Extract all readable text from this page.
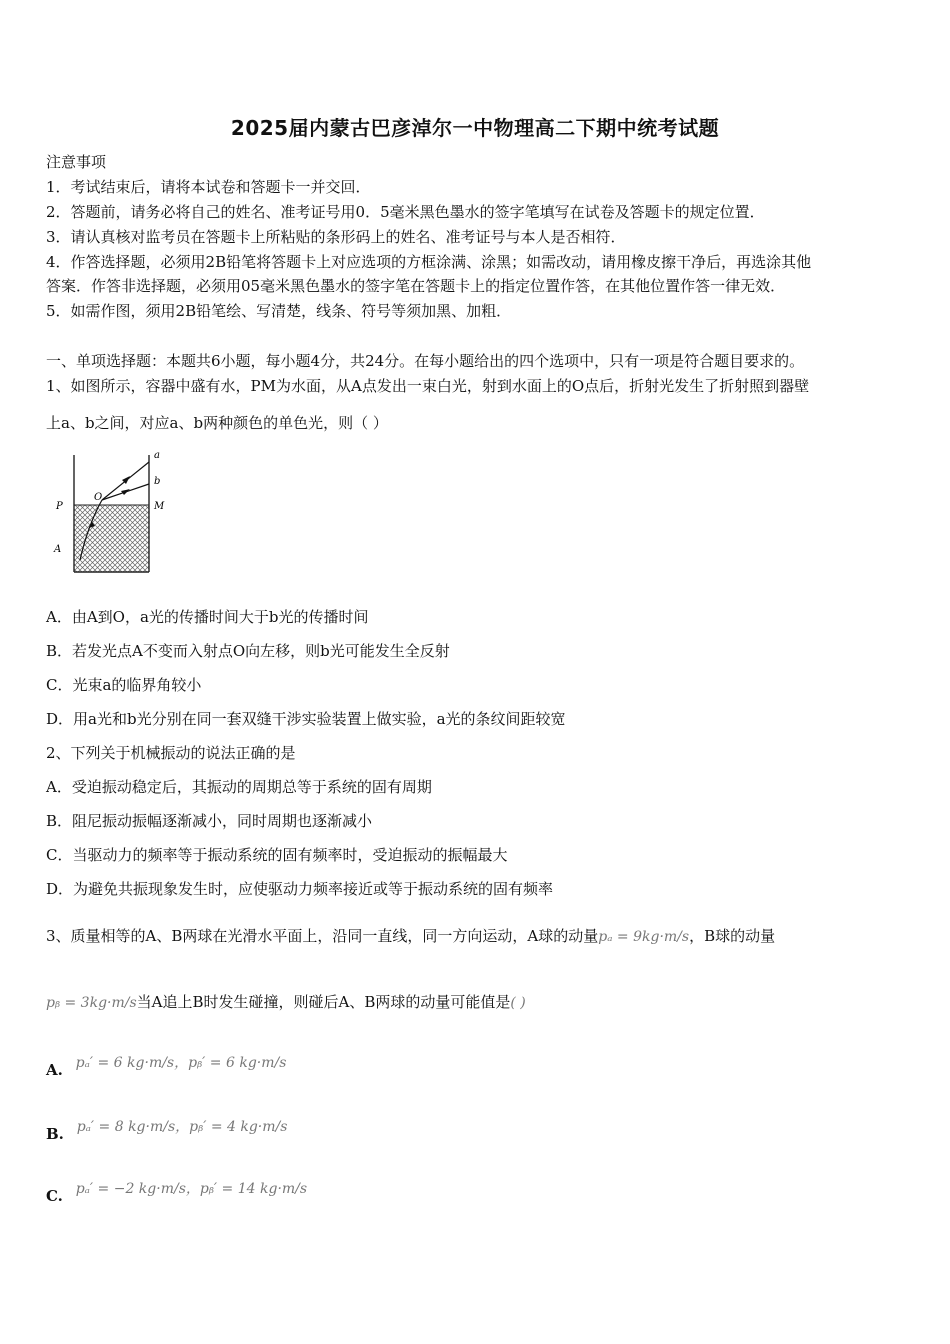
2025届内蒙古巴彦淖尔一中物理高二下期中统考试题
注意事项
1．考试结束后，请将本试卷和答题卡一并交回．
2．答题前，请务必将自己的姓名、准考证号用0．5毫米黑色墨水的签字笔填写在试卷及答题卡的规定位置．
3．请认真核对监考员在答题卡上所粘贴的条形码上的姓名、准考证号与本人是否相符．
4．作答选择题，必须用2B铅笔将答题卡上对应选项的方框涂满、涂黑；如需改动，请用橡皮擦干净后，再选涂其他
答案．作答非选择题，必须用05毫米黑色墨水的签字笔在答题卡上的指定位置作答，在其他位置作答一律无效．
5．如需作图，须用2B铅笔绘、写清楚，线条、符号等须加黑、加粗．
一、单项选择题：本题共6小题，每小题4分，共24分。在每小题给出的四个选项中，只有一项是符合题目要求的。
1、如图所示，容器中盛有水，PM为水面，从A点发出一束白光，射到水面上的O点后，折射光发生了折射照到器壁
上a、b之间，对应a、b两种颜色的单色光，则（ ）
P	M
O
A
a
b
A．由A到O，a光的传播时间大于b光的传播时间
B．若发光点A不变而入射点O向左移，则b光可能发生全反射
C．光束a的临界角较小
D．用a光和b光分别在同一套双缝干涉实验装置上做实验，a光的条纹间距较宽
2、下列关于机械振动的说法正确的是
A．受迫振动稳定后，其振动的周期总等于系统的固有周期
B．阻尼振动振幅逐渐减小，同时周期也逐渐减小
C．当驱动力的频率等于振动系统的固有频率时，受迫振动的振幅最大
D．为避免共振现象发生时，应使驱动力频率接近或等于振动系统的固有频率
3、质量相等的A、B两球在光滑水平面上，沿同一直线，同一方向运动，A球的动量pₐ = 9kg·m/s，B球的动量
pᵦ = 3kg·m/s当A追上B时发生碰撞，则碰后A、B两球的动量可能值是( )
A. pₐ′ = 6 kg·m/s，pᵦ′ = 6 kg·m/s
B. pₐ′ = 8 kg·m/s，pᵦ′ = 4 kg·m/s
C. pₐ′ = −2 kg·m/s，pᵦ′ = 14 kg·m/s
